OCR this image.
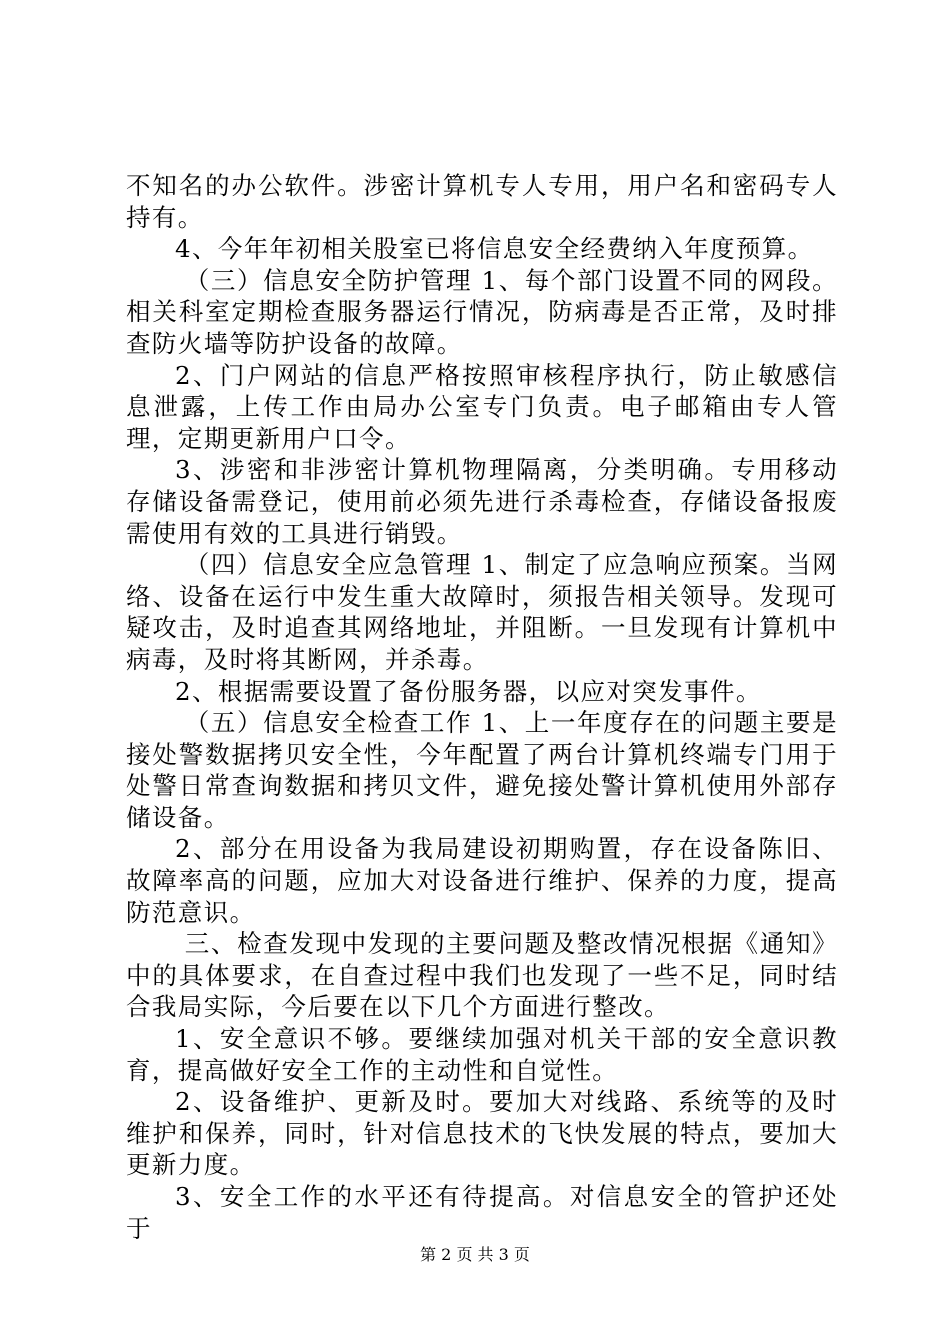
不知名的办公软件。涉密计算机专人专用，用户名和密码专人持有。

4、今年年初相关股室已将信息安全经费纳入年度预算。

（三）信息安全防护管理 1、每个部门设置不同的网段。相关科室定期检查服务器运行情况，防病毒是否正常，及时排查防火墙等防护设备的故障。

2、门户网站的信息严格按照审核程序执行，防止敏感信息泄露，上传工作由局办公室专门负责。电子邮箱由专人管理，定期更新用户口令。

3、涉密和非涉密计算机物理隔离，分类明确。专用移动存储设备需登记，使用前必须先进行杀毒检查，存储设备报废需使用有效的工具进行销毁。

（四）信息安全应急管理 1、制定了应急响应预案。当网络、设备在运行中发生重大故障时，须报告相关领导。发现可疑攻击，及时追查其网络地址，并阻断。一旦发现有计算机中病毒，及时将其断网，并杀毒。

2、根据需要设置了备份服务器，以应对突发事件。

（五）信息安全检查工作 1、上一年度存在的问题主要是接处警数据拷贝安全性，今年配置了两台计算机终端专门用于处警日常查询数据和拷贝文件，避免接处警计算机使用外部存储设备。

2、部分在用设备为我局建设初期购置，存在设备陈旧、故障率高的问题，应加大对设备进行维护、保养的力度，提高防范意识。

三、检查发现中发现的主要问题及整改情况根据《通知》中的具体要求，在自查过程中我们也发现了一些不足，同时结合我局实际，今后要在以下几个方面进行整改。

1、安全意识不够。要继续加强对机关干部的安全意识教育，提高做好安全工作的主动性和自觉性。

2、设备维护、更新及时。要加大对线路、系统等的及时维护和保养，同时，针对信息技术的飞快发展的特点，要加大更新力度。

3、安全工作的水平还有待提高。对信息安全的管护还处于

第 2 页 共 3 页
